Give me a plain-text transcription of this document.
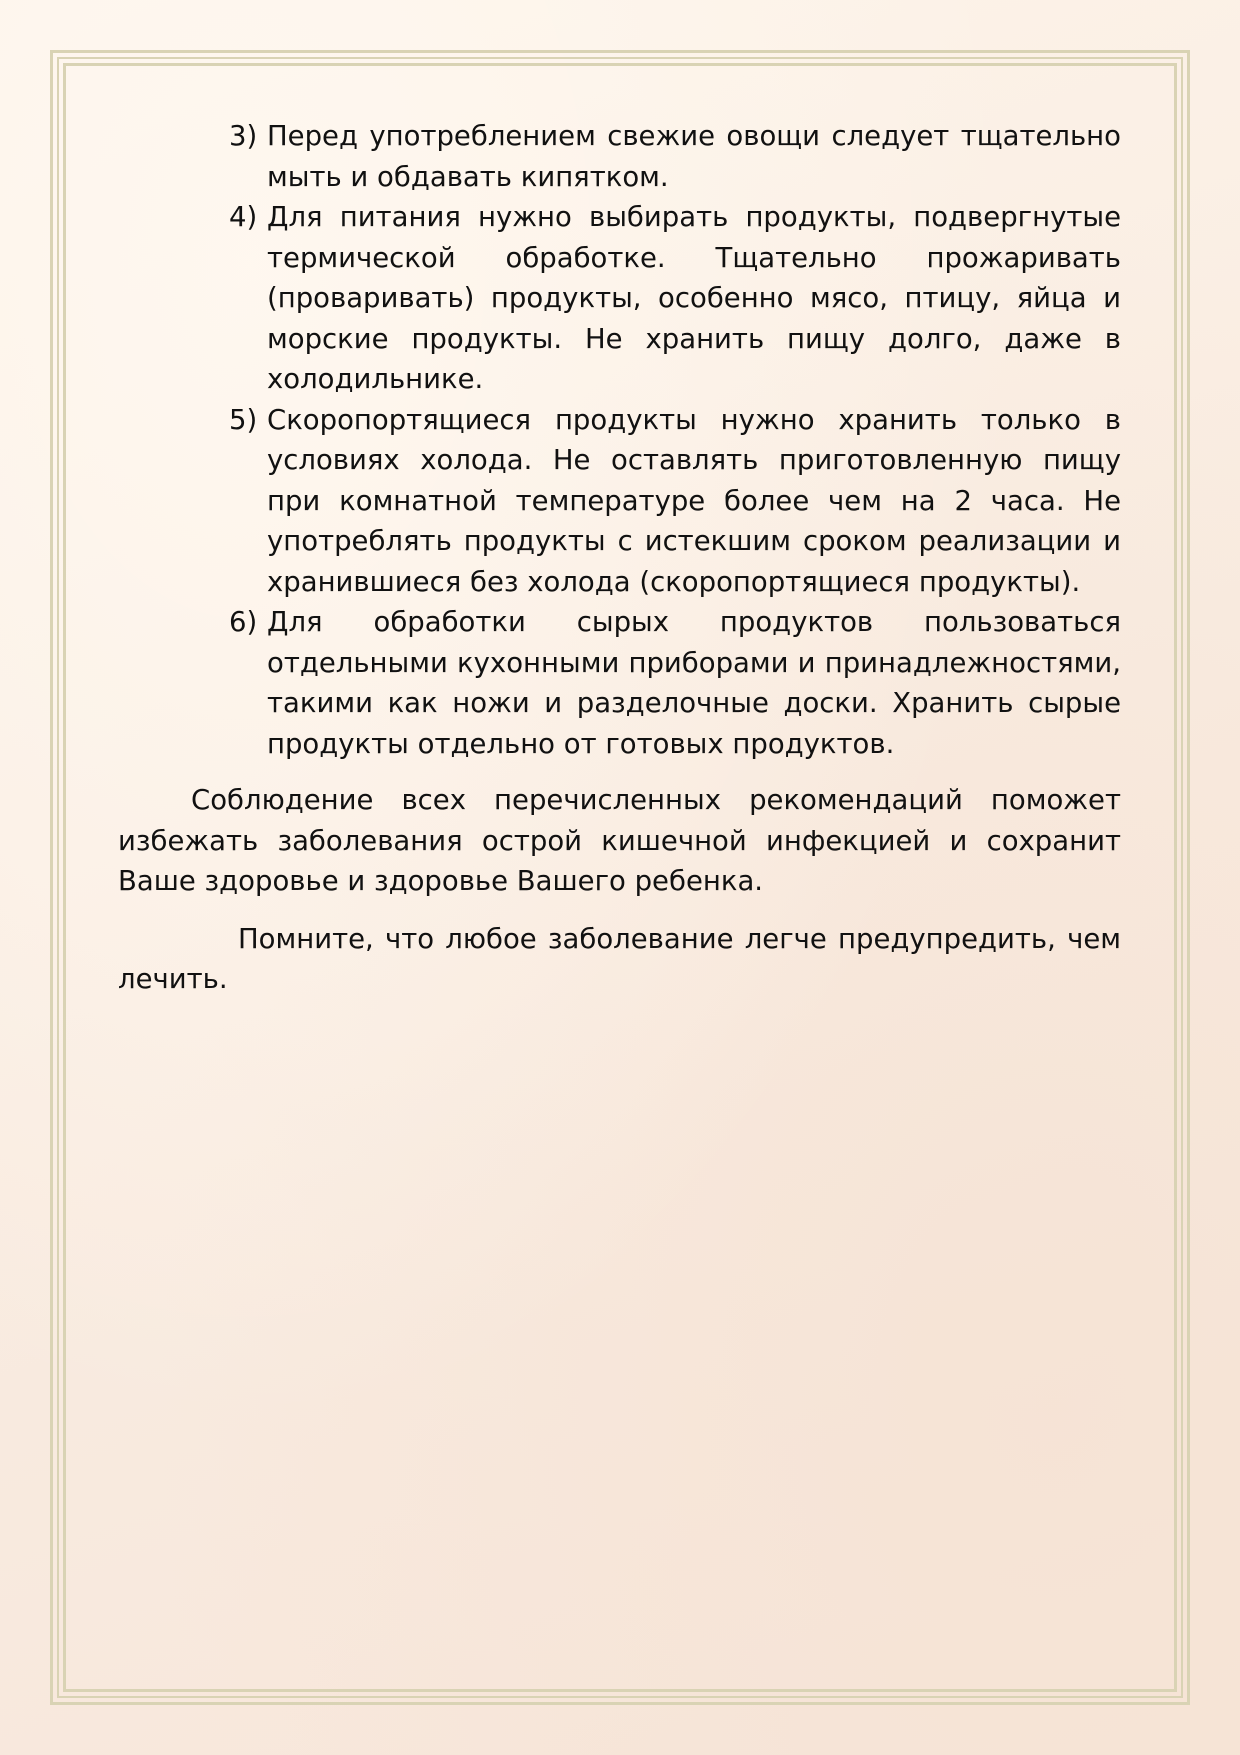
3) Перед употреблением свежие овощи следует тщательно мыть и обдавать кипятком.
4) Для питания нужно выбирать продукты, подвергнутые термической обработке. Тщательно прожаривать (проваривать) продукты, особенно мясо, птицу, яйца и морские продукты. Не хранить пищу долго, даже в холодильнике.
5) Скоропортящиеся продукты нужно хранить только в условиях холода. Не оставлять приготовленную пищу при комнатной температуре более чем на 2 часа. Не употреблять продукты с истекшим сроком реализации и хранившиеся без холода (скоропортящиеся продукты).
6) Для обработки сырых продуктов пользоваться отдельными кухонными приборами и принадлежностями, такими как ножи и разделочные доски. Хранить сырые продукты отдельно от готовых продуктов.

Соблюдение всех перечисленных рекомендаций поможет избежать заболевания острой кишечной инфекцией и сохранит Ваше здоровье и здоровье Вашего ребенка.

Помните, что любое заболевание легче предупредить, чем лечить.
